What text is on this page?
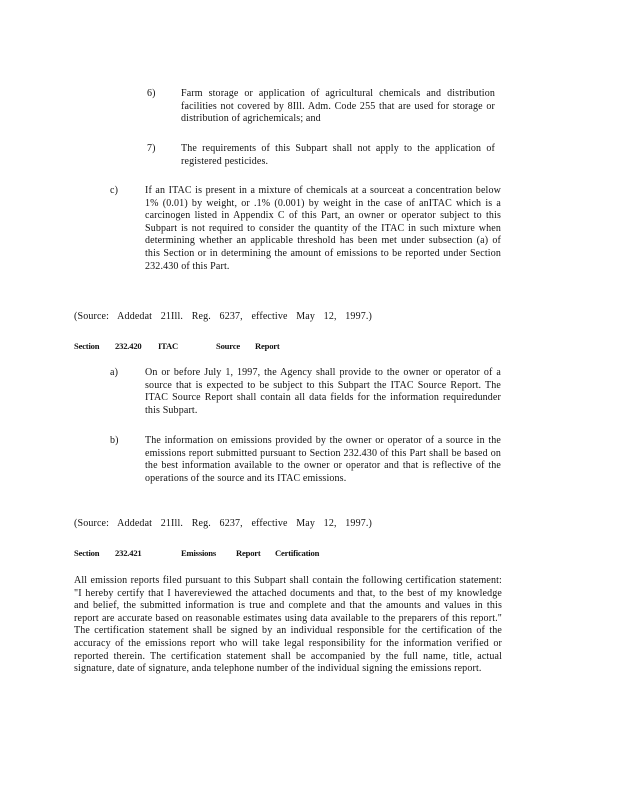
6)	Farm storage or application of agricultural chemicals and distribution facilities not covered by 8Ill. Adm. Code 255 that are used for storage or distribution of agrichemicals; and
7)	The requirements of this Subpart shall not apply to the application of registered pesticides.
c)	If an ITAC is present in a mixture of chemicals at a sourceat a concentration below 1% (0.01) by weight, or .1% (0.001) by weight in the case of anITAC which is a carcinogen listed in Appendix C of this Part, an owner or operator subject to this Subpart is not required to consider the quantity of the ITAC in such mixture when determining whether an applicable threshold has been met under subsection (a) of this Section or in determining the amount of emissions to be reported under Section 232.430 of this Part.
(Source: Addedat 21Ill. Reg. 6237, effective May 12, 1997.)
Section 232.420 ITAC	Source Report
a)	On or before July 1, 1997, the Agency shall provide to the owner or operator of a source that is expected to be subject to this Subpart the ITAC Source Report. The ITAC Source Report shall contain all data fields for the information requiredunder this Subpart.
b)	The information on emissions provided by the owner or operator of a source in the emissions report submitted pursuant to Section 232.430 of this Part shall be based on the best information available to the owner or operator and that is reflective of the operations of the source and its ITAC emissions.
(Source: Addedat 21Ill. Reg. 6237, effective May 12, 1997.)
Section 232.421	Emissions Report Certification
All emission reports filed pursuant to this Subpart shall contain the following certification statement: "I hereby certify that I havereviewed the attached documents and that, to the best of my knowledge and belief, the submitted information is true and complete and that the amounts and values in this report are accurate based on reasonable estimates using data available to the preparers of this report." The certification statement shall be signed by an individual responsible for the certification of the accuracy of the emissions report who will take legal responsibility for the information verified or reported therein. The certification statement shall be accompanied by the full name, title, actual signature, date of signature, anda telephone number of the individual signing the emissions report.
